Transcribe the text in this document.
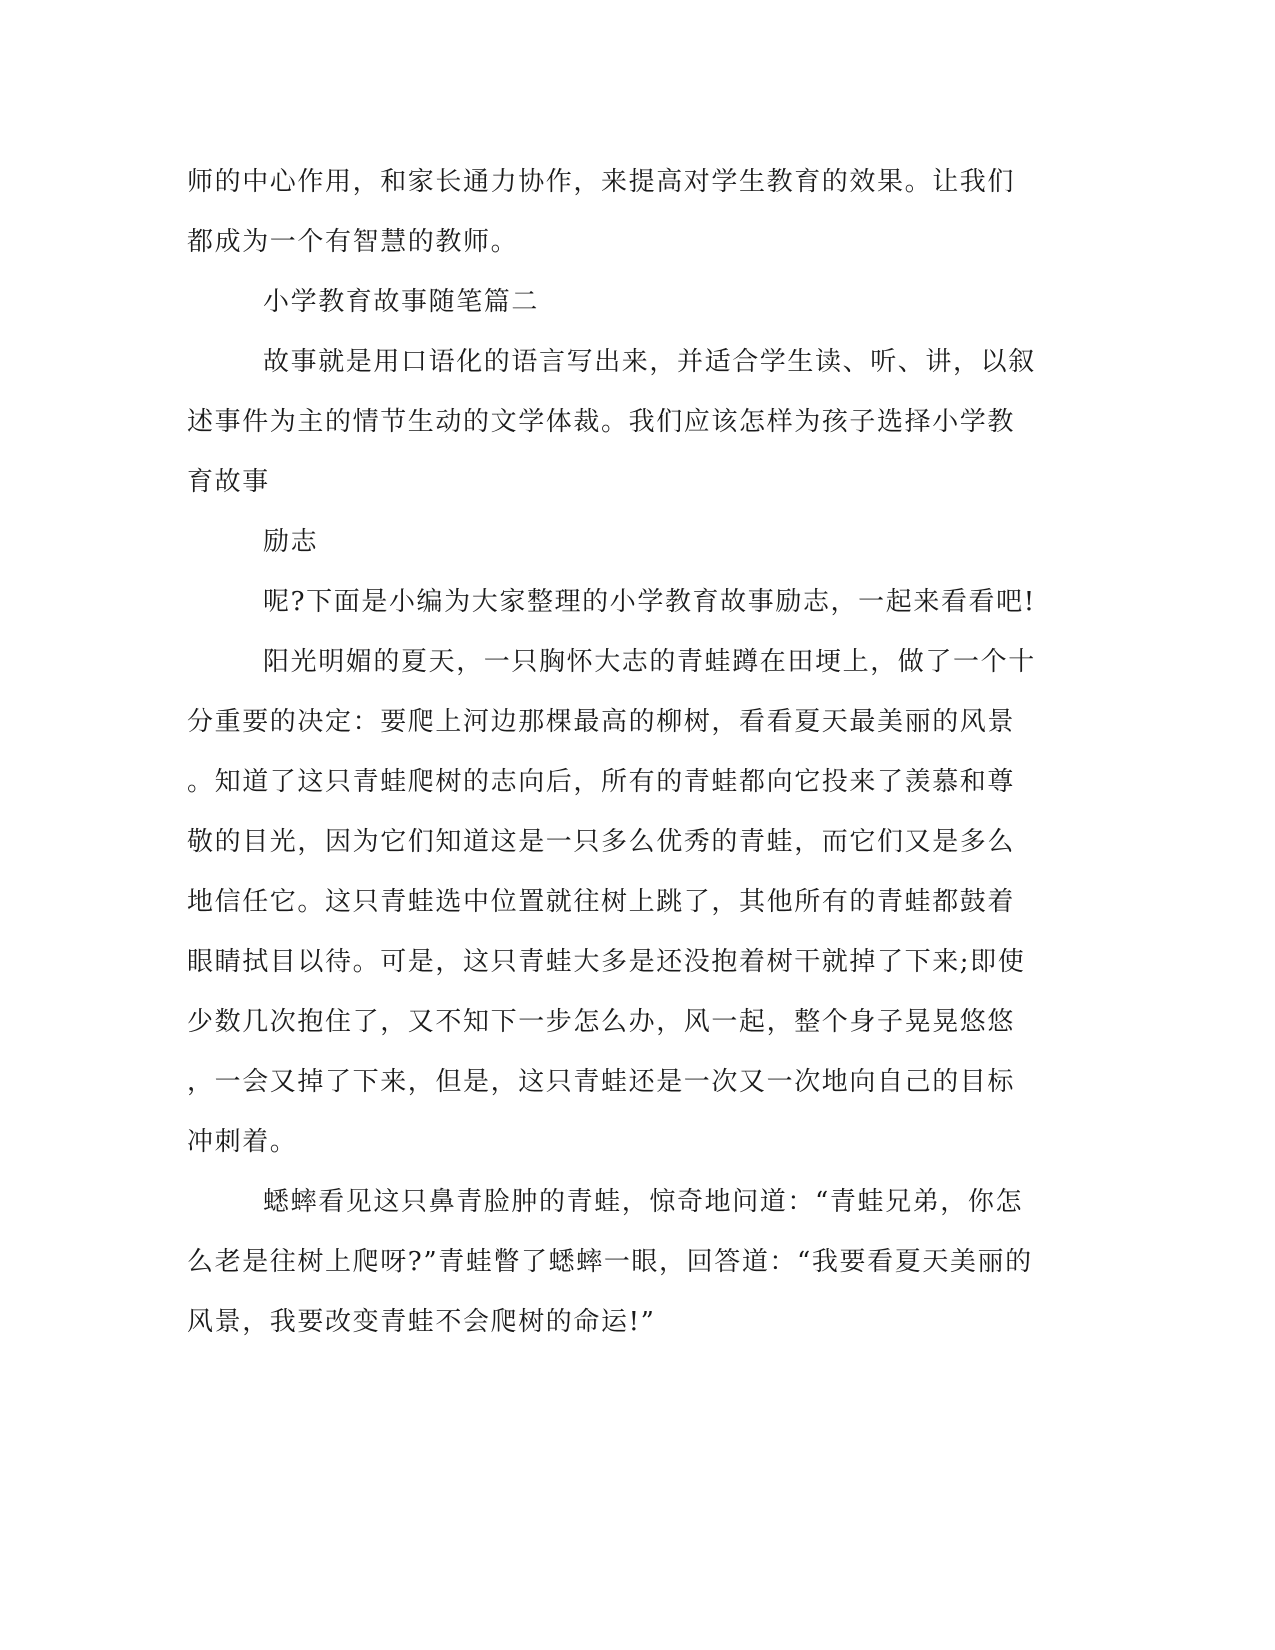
师的中心作用，和家长通力协作，来提高对学生教育的效果。让我们
都成为一个有智慧的教师。
小学教育故事随笔篇二
故事就是用口语化的语言写出来，并适合学生读、听、讲，以叙
述事件为主的情节生动的文学体裁。我们应该怎样为孩子选择小学教
育故事
励志
呢?下面是小编为大家整理的小学教育故事励志，一起来看看吧!
阳光明媚的夏天，一只胸怀大志的青蛙蹲在田埂上，做了一个十
分重要的决定：要爬上河边那棵最高的柳树，看看夏天最美丽的风景
。知道了这只青蛙爬树的志向后，所有的青蛙都向它投来了羡慕和尊
敬的目光，因为它们知道这是一只多么优秀的青蛙，而它们又是多么
地信任它。这只青蛙选中位置就往树上跳了，其他所有的青蛙都鼓着
眼睛拭目以待。可是，这只青蛙大多是还没抱着树干就掉了下来;即使
少数几次抱住了，又不知下一步怎么办，风一起，整个身子晃晃悠悠
，一会又掉了下来，但是，这只青蛙还是一次又一次地向自己的目标
冲刺着。
蟋蟀看见这只鼻青脸肿的青蛙，惊奇地问道：“青蛙兄弟，你怎
么老是往树上爬呀?”青蛙瞥了蟋蟀一眼，回答道：“我要看夏天美丽的
风景，我要改变青蛙不会爬树的命运!”
